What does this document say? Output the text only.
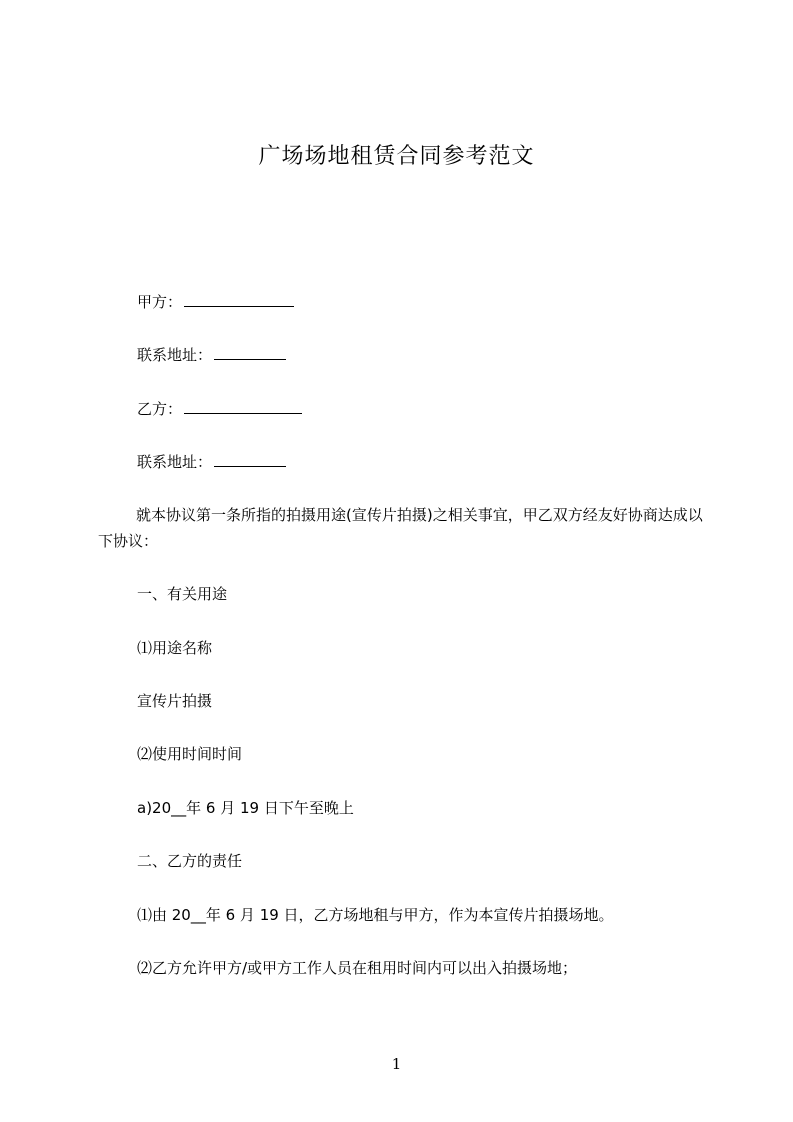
广场场地租赁合同参考范文
甲方：
联系地址：
乙方：
联系地址：
就本协议第一条所指的拍摄用途(宣传片拍摄)之相关事宜，甲乙双方经友好协商达成以下协议：
一、有关用途
⑴用途名称
宣传片拍摄
⑵使用时间时间
a)20__年 6 月 19 日下午至晚上
二、乙方的责任
⑴由 20__年 6 月 19 日，乙方场地租与甲方，作为本宣传片拍摄场地。
⑵乙方允许甲方/或甲方工作人员在租用时间内可以出入拍摄场地；
1
